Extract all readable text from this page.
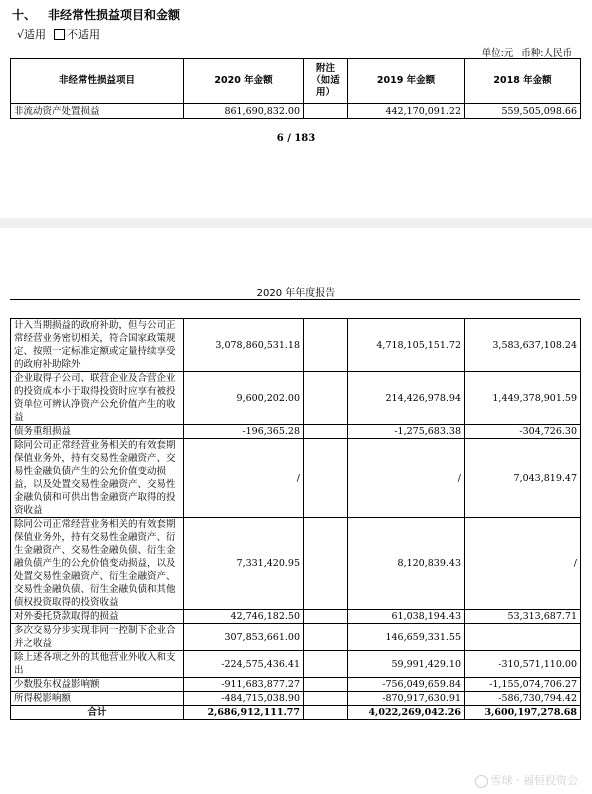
十、 非经常性损益项目和金额
√适用 不适用
单位:元 币种:人民币
非经常性损益项目	2020 年金额	附注（如适用）	2019 年金额	2018 年金额
非流动资产处置损益	861,690,832.00		442,170,091.22	559,505,098.66
6 / 183
2020 年年度报告
计入当期损益的政府补助，但与公司正常经营业务密切相关，符合国家政策规定、按照一定标准定额或定量持续享受的政府补助除外	3,078,860,531.18		4,718,105,151.72	3,583,637,108.24
企业取得子公司、联营企业及合营企业的投资成本小于取得投资时应享有被投资单位可辨认净资产公允价值产生的收益	9,600,202.00		214,426,978.94	1,449,378,901.59
债务重组损益	-196,365.28		-1,275,683.38	-304,726.30
除同公司正常经营业务相关的有效套期保值业务外，持有交易性金融资产、交易性金融负债产生的公允价值变动损益，以及处置交易性金融资产、交易性金融负债和可供出售金融资产取得的投资收益	/		/	7,043,819.47
除同公司正常经营业务相关的有效套期保值业务外，持有交易性金融资产、衍生金融资产、交易性金融负债、衍生金融负债产生的公允价值变动损益，以及处置交易性金融资产、衍生金融资产、交易性金融负债、衍生金融负债和其他债权投资取得的投资收益	7,331,420.95		8,120,839.43	/
对外委托贷款取得的损益	42,746,182.50		61,038,194.43	53,313,687.71
多次交易分步实现非同一控制下企业合并之收益	307,853,661.00		146,659,331.55	
除上述各项之外的其他营业外收入和支出	-224,575,436.41		59,991,429.10	-310,571,110.00
少数股东权益影响额	-911,683,877.27		-756,049,659.84	-1,155,074,706.27
所得税影响额	-484,715,038.90		-870,917,630.91	-586,730,794.42
合计	2,686,912,111.77		4,022,269,042.26	3,600,197,278.68
雪球 · 福恒投资会
